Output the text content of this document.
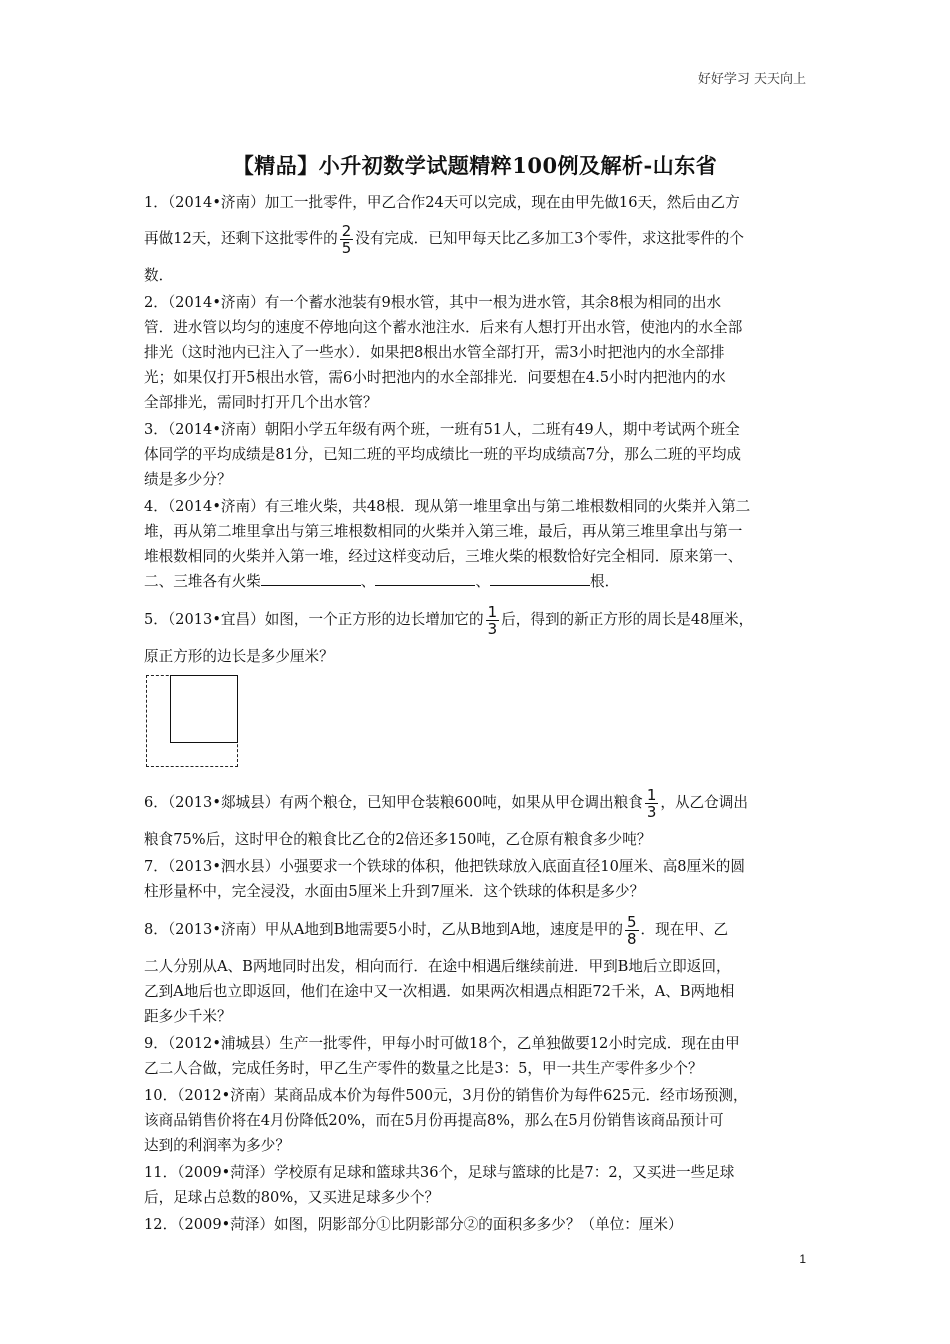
好好学习 天天向上
【精品】小升初数学试题精粹100例及解析-山东省
1．（2014•济南）加工一批零件，甲乙合作24天可以完成，现在由甲先做16天，然后由乙方
再做12天，还剩下这批零件的 $\frac{2}{5}$ 没有完成．已知甲每天比乙多加工3个零件，求这批零件的个
数．
2．（2014•济南）有一个蓄水池装有9根水管，其中一根为进水管，其余8根为相同的出水
管．进水管以均匀的速度不停地向这个蓄水池注水．后来有人想打开出水管，使池内的水全部
排光（这时池内已注入了一些水）．如果把8根出水管全部打开，需3小时把池内的水全部排
光；如果仅打开5根出水管，需6小时把池内的水全部排光．问要想在4.5小时内把池内的水
全部排光，需同时打开几个出水管？
3．（2014•济南）朝阳小学五年级有两个班，一班有51人，二班有49人，期中考试两个班全
体同学的平均成绩是81分，已知二班的平均成绩比一班的平均成绩高7分，那么二班的平均成
绩是多少分？
4．（2014•济南）有三堆火柴，共48根．现从第一堆里拿出与第二堆根数相同的火柴并入第二
堆，再从第二堆里拿出与第三堆根数相同的火柴并入第三堆，最后，再从第三堆里拿出与第一
堆根数相同的火柴并入第一堆，经过这样变动后，三堆火柴的根数恰好完全相同．原来第一、
二、三堆各有火柴	、	、	根．
5．（2013•宜昌）如图，一个正方形的边长增加它的 $\frac{1}{3}$ 后，得到的新正方形的周长是48厘米，
原正方形的边长是多少厘米？
6．（2013•郯城县）有两个粮仓，已知甲仓装粮600吨，如果从甲仓调出粮食 $\frac{1}{3}$ ，从乙仓调出
粮食75%后，这时甲仓的粮食比乙仓的2倍还多150吨，乙仓原有粮食多少吨？
7．（2013•泗水县）小强要求一个铁球的体积，他把铁球放入底面直径10厘米、高8厘米的圆
柱形量杯中，完全浸没，水面由5厘米上升到7厘米．这个铁球的体积是多少？
8．（2013•济南）甲从A地到B地需要5小时，乙从B地到A地，速度是甲的 $\frac{5}{8}$ ．现在甲、乙
二人分别从A、B两地同时出发，相向而行．在途中相遇后继续前进．甲到B地后立即返回，
乙到A地后也立即返回，他们在途中又一次相遇．如果两次相遇点相距72千米，A、B两地相
距多少千米？
9．（2012•浦城县）生产一批零件，甲每小时可做18个，乙单独做要12小时完成．现在由甲
乙二人合做，完成任务时，甲乙生产零件的数量之比是3：5，甲一共生产零件多少个？
10．（2012•济南）某商品成本价为每件500元，3月份的销售价为每件625元．经市场预测，
该商品销售价将在4月份降低20%，而在5月份再提高8%，那么在5月份销售该商品预计可
达到的利润率为多少？
11．（2009•菏泽）学校原有足球和篮球共36个，足球与篮球的比是7：2，又买进一些足球
后，足球占总数的80%，又买进足球多少个？
12．（2009•菏泽）如图，阴影部分①比阴影部分②的面积多多少？（单位：厘米）
1
